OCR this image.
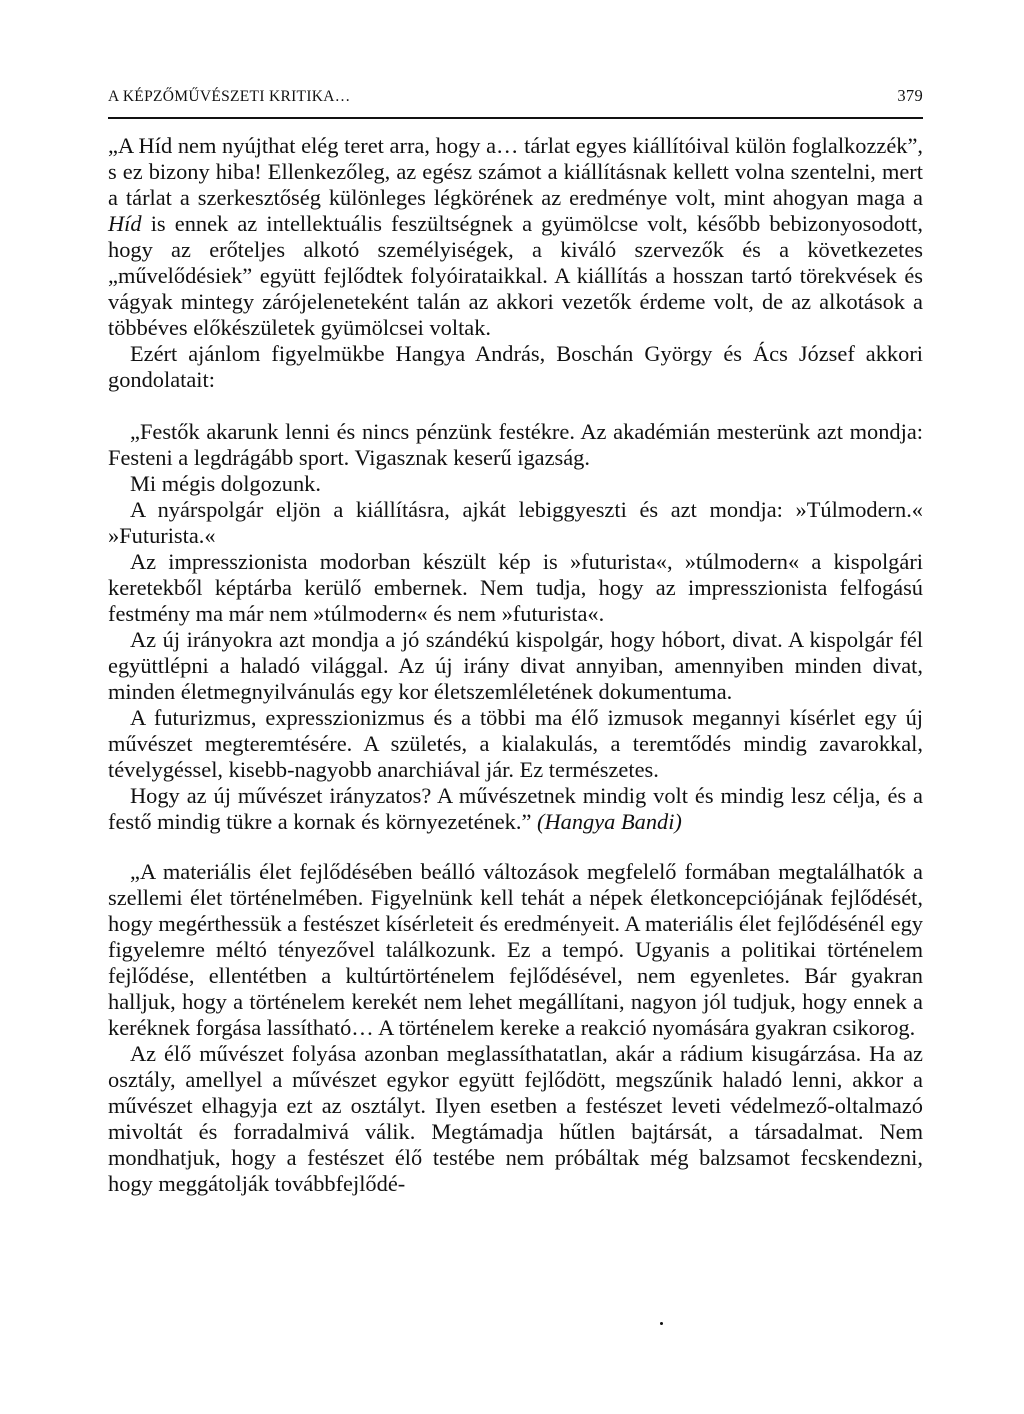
A KÉPZŐMŰVÉSZETI KRITIKA…	379

„A Híd nem nyújthat elég teret arra, hogy a… tárlat egyes kiállítóival külön foglalkozzék”, s ez bizony hiba! Ellenkezőleg, az egész számot a kiállításnak kellett volna szentelni, mert a tárlat a szerkesztőség különleges légkörének az eredménye volt, mint ahogyan maga a Híd is ennek az intellektuális feszültségnek a gyümölcse volt, később bebizonyosodott, hogy az erőteljes alkotó személyiségek, a kiváló szervezők és a következetes „művelődésiek” együtt fejlődtek folyóirataikkal. A kiállítás a hosszan tartó törekvések és vágyak mintegy zárójeleneteként talán az akkori vezetők érdeme volt, de az alkotások a többéves előkészületek gyümölcsei voltak.

Ezért ajánlom figyelmükbe Hangya András, Boschán György és Ács József akkori gondolatait:

„Festők akarunk lenni és nincs pénzünk festékre. Az akadémián mesterünk azt mondja: Festeni a legdrágább sport. Vigasznak keserű igazság.

Mi mégis dolgozunk.

A nyárspolgár eljön a kiállításra, ajkát lebiggyeszti és azt mondja: »Túlmodern.« »Futurista.«

Az impresszionista modorban készült kép is »futurista«, »túlmodern« a kispolgári keretekből képtárba kerülő embernek. Nem tudja, hogy az impresszionista felfogású festmény ma már nem »túlmodern« és nem »futurista«.

Az új irányokra azt mondja a jó szándékú kispolgár, hogy hóbort, divat. A kispolgár fél együttlépni a haladó világgal. Az új irány divat annyiban, amennyiben minden divat, minden életmegnyilvánulás egy kor életszemléletének dokumentuma.

A futurizmus, expresszionizmus és a többi ma élő izmusok megannyi kísérlet egy új művészet megteremtésére. A születés, a kialakulás, a teremtődés mindig zavarokkal, tévelygéssel, kisebb-nagyobb anarchiával jár. Ez természetes.

Hogy az új művészet irányzatos? A művészetnek mindig volt és mindig lesz célja, és a festő mindig tükre a kornak és környezetének.” (Hangya Bandi)

„A materiális élet fejlődésében beálló változások megfelelő formában megtalálhatók a szellemi élet történelmében. Figyelnünk kell tehát a népek életkoncepciójának fejlődését, hogy megérthessük a festészet kísérleteit és eredményeit. A materiális élet fejlődésénél egy figyelemre méltó tényezővel találkozunk. Ez a tempó. Ugyanis a politikai történelem fejlődése, ellentétben a kultúrtörténelem fejlődésével, nem egyenletes. Bár gyakran halljuk, hogy a történelem kerekét nem lehet megállítani, nagyon jól tudjuk, hogy ennek a keréknek forgása lassítható… A történelem kereke a reakció nyomására gyakran csikorog.

Az élő művészet folyása azonban meglassíthatatlan, akár a rádium kisugárzása. Ha az osztály, amellyel a művészet egykor együtt fejlődött, megszűnik haladó lenni, akkor a művészet elhagyja ezt az osztályt. Ilyen esetben a festészet leveti védelmező-oltalmazó mivoltát és forradalmivá válik. Megtámadja hűtlen bajtársát, a társadalmat. Nem mondhatjuk, hogy a festészet élő testébe nem próbáltak még balzsamot fecskendezni, hogy meggátolják továbbfejlődé-
